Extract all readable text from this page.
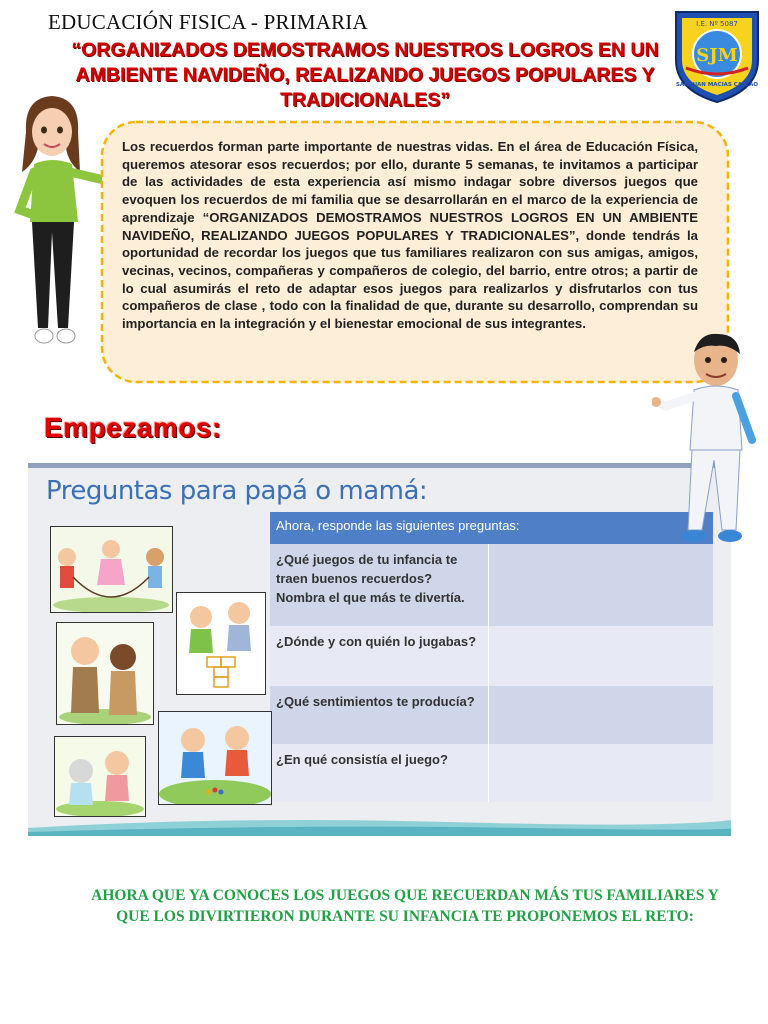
EDUCACIÓN FISICA - PRIMARIA
“ORGANIZADOS DEMOSTRAMOS NUESTROS LOGROS EN UN AMBIENTE NAVIDEÑO, REALIZANDO JUEGOS POPULARES Y TRADICIONALES”
I.E. Nº 5087
SJM
SAN JUAN MACIAS CALLAO
Los recuerdos forman parte importante de nuestras vidas. En el área de Educación Física, queremos atesorar esos recuerdos; por ello, durante 5 semanas, te invitamos a participar de las actividades de esta experiencia así mismo indagar sobre diversos juegos que evoquen los recuerdos de mi familia que se desarrollarán en el marco de la experiencia de aprendizaje “ORGANIZADOS DEMOSTRAMOS NUESTROS LOGROS EN UN AMBIENTE NAVIDEÑO, REALIZANDO JUEGOS POPULARES Y TRADICIONALES”, donde tendrás la oportunidad de recordar los juegos que tus familiares realizaron con sus amigas, amigos, vecinas, vecinos, compañeras y compañeros de colegio, del barrio, entre otros; a partir de lo cual asumirás el reto de adaptar esos juegos para realizarlos y disfrutarlos con tus compañeros de clase , todo con la finalidad de que, durante su desarrollo, comprendan su importancia en la integración y el bienestar emocional de sus integrantes.
Empezamos:
Preguntas para papá o mamá:
Ahora, responde las siguientes preguntas:	
¿Qué juegos de tu infancia te traen buenos recuerdos? Nombra el que más te divertía.	
¿Dónde y con quién lo jugabas?	
¿Qué sentimientos te producía?	
¿En qué consistía el juego?	
AHORA QUE YA CONOCES LOS JUEGOS QUE RECUERDAN MÁS TUS FAMILIARES Y QUE LOS DIVIRTIERON DURANTE SU INFANCIA TE PROPONEMOS EL RETO:
